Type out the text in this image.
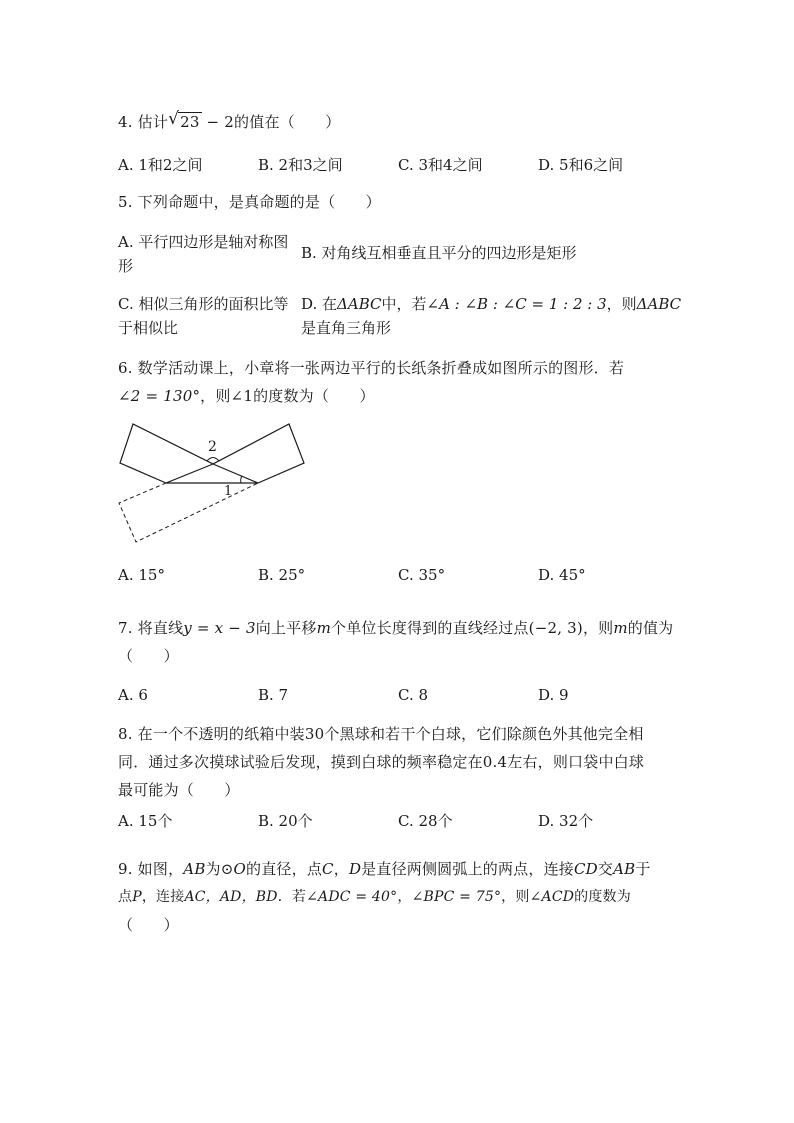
4. 估计 √ 23 − 2的值在（　　）
A. 1和2之间	B. 2和3之间	C. 3和4之间	D. 5和6之间
5. 下列命题中，是真命题的是（　　）
A. 平行四边形是轴对称图
形
B. 对角线互相垂直且平分的四边形是矩形
C. 相似三角形的面积比等
于相似比
D. 在ΔABC中，若∠A : ∠B : ∠C = 1 : 2 : 3，则ΔABC
是直角三角形
6. 数学活动课上，小章将一张两边平行的长纸条折叠成如图所示的图形．若
∠2 = 130°，则∠1的度数为（　　）
2
1
A. 15°	B. 25°	C. 35°	D. 45°
7. 将直线y = x − 3向上平移m个单位长度得到的直线经过点(−2, 3)，则m的值为
（　　）
A. 6	B. 7	C. 8	D. 9
8. 在一个不透明的纸箱中装30个黑球和若干个白球，它们除颜色外其他完全相
同．通过多次摸球试验后发现，摸到白球的频率稳定在0.4左右，则口袋中白球
最可能为（　　）
A. 15个	B. 20个	C. 28个	D. 32个
9. 如图，AB为⊙O的直径，点C，D是直径两侧圆弧上的两点，连接CD交AB于
点P，连接AC，AD，BD．若∠ADC = 40°，∠BPC = 75°，则∠ACD的度数为
（　　）
